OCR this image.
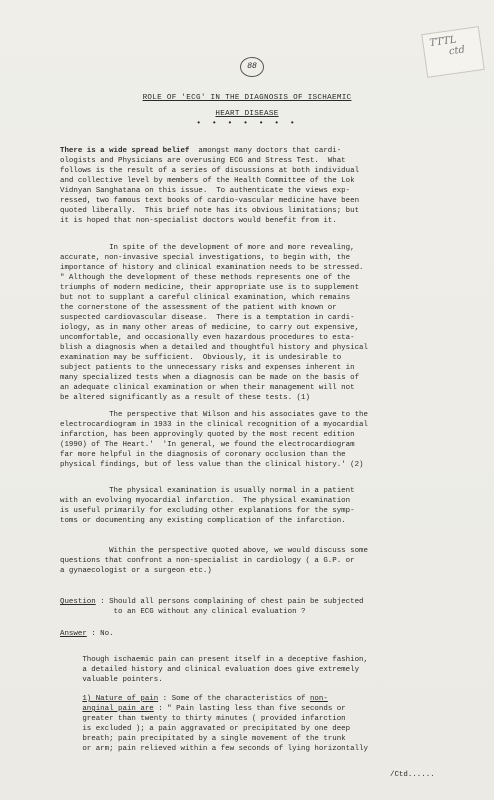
88
TTTL
ctd
ROLE OF 'ECG' IN THE DIAGNOSIS OF ISCHAEMIC
HEART DISEASE
• • • • • • •
There is a wide spread belief  amongst many doctors that cardi-
ologists and Physicians are overusing ECG and Stress Test.  What
follows is the result of a series of discussions at both individual
and collective level by members of the Health Committee of the Lok
Vidnyan Sanghatana on this issue.  To authenticate the views exp-
ressed, two famous text books of cardio-vascular medicine have been
quoted liberally.  This brief note has its obvious limitations; but
it is hoped that non-specialist doctors would benefit from it.
In spite of the development of more and more revealing,
accurate, non-invasive special investigations, to begin with, the
importance of history and clinical examination needs to be stressed.
" Although the development of these methods represents one of the
triumphs of modern medicine, their appropriate use is to supplement
but not to supplant a careful clinical examination, which remains
the cornerstone of the assessment of the patient with known or
suspected cardiovascular disease.  There is a temptation in cardi-
iology, as in many other areas of medicine, to carry out expensive,
uncomfortable, and occasionally even hazardous procedures to esta-
blish a diagnosis when a detailed and thoughtful history and physical
examination may be sufficient.  Obviously, it is undesirable to
subject patients to the unnecessary risks and expenses inherent in
many specialized tests when a diagnosis can be made on the basis of
an adequate clinical examination or when their management will not
be altered significantly as a result of these tests. (1)
The perspective that Wilson and his associates gave to the
electrocardiogram in 1933 in the clinical recognition of a myocardial
infarction, has been approvingly quoted by the most recent edition
(1990) of The Heart.'  'In general, we found the electrocardiogram
far more helpful in the diagnosis of coronary occlusion than the
physical findings, but of less value than the clinical history.' (2)
The physical examination is usually normal in a patient
with an evolving myocardial infarction.  The physical examination
is useful primarily for excluding other explanations for the symp-
toms or documenting any existing complication of the infarction.
Within the perspective quoted above, we would discuss some
questions that confront a non-specialist in cardiology ( a G.P. or
a gynaecologist or a surgeon etc.)
Question : Should all persons complaining of chest pain be subjected
to an ECG without any clinical evaluation ?
Answer : No.
Though ischaemic pain can present itself in a deceptive fashion,
a detailed history and clinical evaluation does give extremely
valuable pointers.
1) Nature of pain : Some of the characteristics of non-
anginal pain are : " Pain lasting less than five seconds or
greater than twenty to thirty minutes ( provided infarction
is excluded ); a pain aggravated or precipitated by one deep
breath; pain precipitated by a single movement of the trunk
or arm; pain relieved within a few seconds of lying horizontally
/Ctd......
